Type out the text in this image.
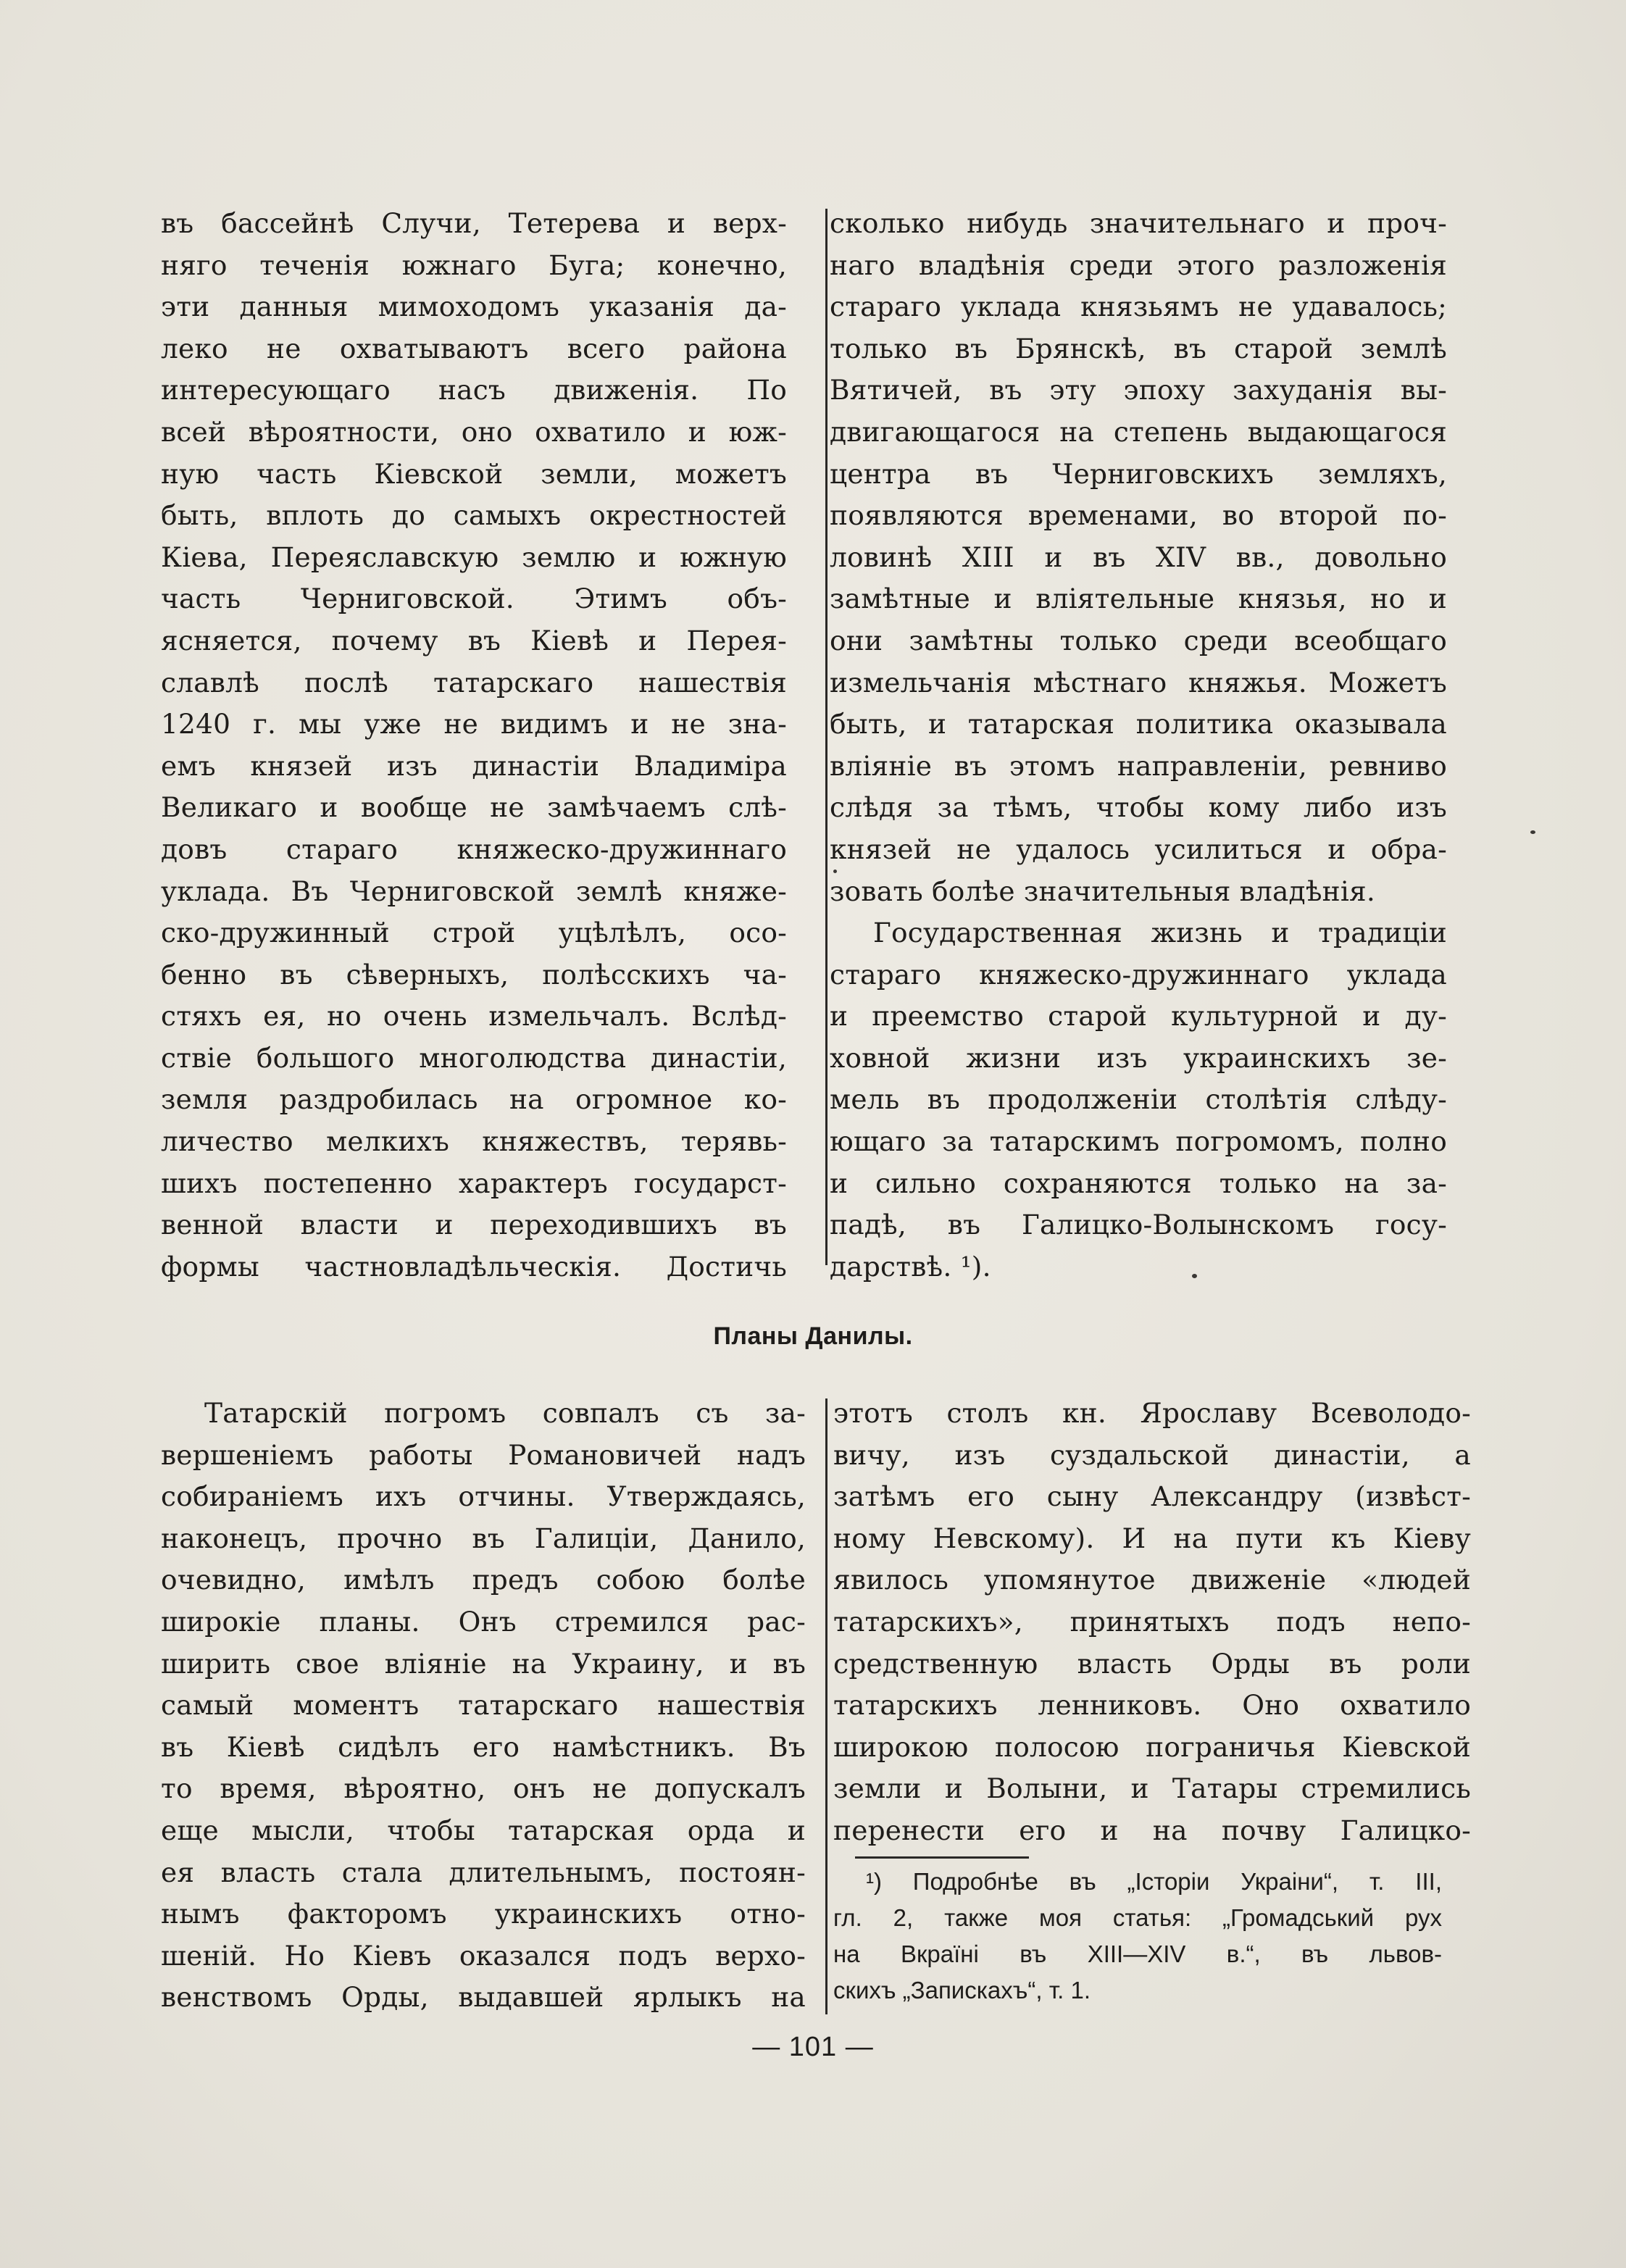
въ бассейнѣ Случи, Тетерева и верх-
няго теченія южнаго Буга; конечно,
эти данныя мимоходомъ указанія да-
леко не охватываютъ всего района
интересующаго насъ движенія. По
всей вѣроятности, оно охватило и юж-
ную часть Кіевской земли, можетъ
быть, вплоть до самыхъ окрестностей
Кіева, Переяславскую землю и южную
часть Черниговской. Этимъ объ-
ясняется, почему въ Кіевѣ и Перея-
славлѣ послѣ татарскаго нашествія
1240 г. мы уже не видимъ и не зна-
емъ князей изъ династіи Владиміра
Великаго и вообще не замѣчаемъ слѣ-
довъ стараго княжеско-дружиннаго
уклада. Въ Черниговской землѣ княже-
ско-дружинный строй уцѣлѣлъ, осо-
бенно въ сѣверныхъ, полѣсскихъ ча-
стяхъ ея, но очень измельчалъ. Вслѣд-
ствіе большого многолюдства династіи,
земля раздробилась на огромное ко-
личество мелкихъ княжествъ, терявь-
шихъ постепенно характеръ государст-
венной власти и переходившихъ въ
формы частновладѣльческія. Достичь
сколько нибудь значительнаго и проч-
наго владѣнія среди этого разложенія
стараго уклада князьямъ не удавалось;
только въ Брянскѣ, въ старой землѣ
Вятичей, въ эту эпоху захуданія вы-
двигающагося на степень выдающагося
центра въ Черниговскихъ земляхъ,
появляются временами, во второй по-
ловинѣ XIII и въ XIV вв., довольно
замѣтные и вліятельные князья, но и
они замѣтны только среди всеобщаго
измельчанія мѣстнаго княжья. Можетъ
быть, и татарская политика оказывала
вліяніе въ этомъ направленіи, ревниво
слѣдя за тѣмъ, чтобы кому либо изъ
князей не удалось усилиться и обра-
зовать болѣе значительныя владѣнія.
Государственная жизнь и традиціи
стараго княжеско-дружиннаго уклада
и преемство старой культурной и ду-
ховной жизни изъ украинскихъ зе-
мель въ продолженіи столѣтія слѣду-
ющаго за татарскимъ погромомъ, полно
и сильно сохраняются только на за-
падѣ, въ Галицко-Волынскомъ госу-
дарствѣ. ¹).
Планы Данилы.
Татарскій погромъ совпалъ съ за-
вершеніемъ работы Романовичей надъ
собираніемъ ихъ отчины. Утверждаясь,
наконецъ, прочно въ Галиціи, Данило,
очевидно, имѣлъ предъ собою болѣе
широкіе планы. Онъ стремился рас-
ширить свое вліяніе на Украину, и въ
самый моментъ татарскаго нашествія
въ Кіевѣ сидѣлъ его намѣстникъ. Въ
то время, вѣроятно, онъ не допускалъ
еще мысли, чтобы татарская орда и
ея власть стала длительнымъ, постоян-
нымъ факторомъ украинскихъ отно-
шеній. Но Кіевъ оказался подъ верхо-
венствомъ Орды, выдавшей ярлыкъ на
этотъ столъ кн. Ярославу Всеволодо-
вичу, изъ суздальской династіи, а
затѣмъ его сыну Александру (извѣст-
ному Невскому). И на пути къ Кіеву
явилось упомянутое движеніе «людей
татарскихъ», принятыхъ подъ непо-
средственную власть Орды въ роли
татарскихъ ленниковъ. Оно охватило
широкою полосою пограничья Кіевской
земли и Волыни, и Татары стремились
перенести его и на почву Галицко-
¹) Подробнѣе въ „Історіи Украіни“, т. III,
гл. 2, также моя статья: „Громадський рух
на Вкраїні въ XIII—XIV в.“, въ львов-
скихъ „Запискахъ“, т. 1.
— 101 —
